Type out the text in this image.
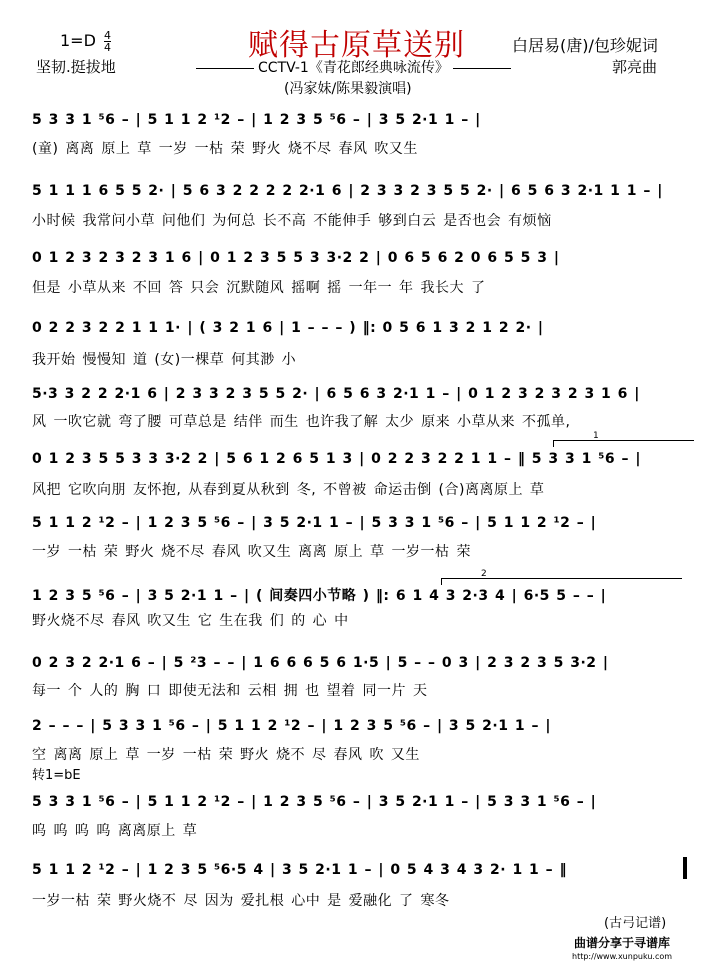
$1=D \frac{4}{4}$	赋得古原草送别	白居易(唐)/包珍妮词
坚韧.挺拔地	CCTV-1《青花郎经典咏流传》	郭亮曲
(冯家妹/陈果毅演唱)
5 3 3 1 ⁵6 – | 5 1 1 2 ¹2 – | 1 2 3 5 ⁵6 – | 3 5 2·1 1 – |
(童) 离离 原上 草 一岁 一枯 荣 野火 烧不尽 春风 吹又生
5 1 1 1 6 5 5 2· | 5 6 3 2 2 2 2 2·1 6 | 2 3 3 2 3 5 5 2· | 6 5 6 3 2·1 1 1 – |
小时候 我常问小草 问他们 为何总 长不高 不能伸手 够到白云 是否也会 有烦恼
0 1 2 3 2 3 2 3 1 6 | 0 1 2 3 5 5 3 3·2 2 | 0 6 5 6 2 0 6 5 5 3 |
但是 小草从来 不回 答 只会 沉默随风 摇啊 摇 一年一 年 我长大 了
0 2 2 3 2 2 1 1 1· | ( 3 2 1 6 | 1 – – – ) ‖: 0 5 6 1 3 2 1 2 2· |
我开始 慢慢知 道 (女)一棵草 何其渺 小
5·3 3 2 2 2·1 6 | 2 3 3 2 3 5 5 2· | 6 5 6 3 2·1 1 – | 0 1 2 3 2 3 2 3 1 6 |
风 一吹它就 弯了腰 可草总是 结伴 而生 也许我了解 太少 原来 小草从来 不孤单,
0 1 2 3 5 5 3 3 3·2 2 | 5 6 1 2 6 5 1 3 | 0 2 2 3 2 2 1 1 – ‖ 5 3 3 1 ⁵6 – |
风把 它吹向朋 友怀抱, 从春到夏从秋到 冬, 不曾被 命运击倒 (合)离离原上 草
5 1 1 2 ¹2 – | 1 2 3 5 ⁵6 – | 3 5 2·1 1 – | 5 3 3 1 ⁵6 – | 5 1 1 2 ¹2 – |
一岁 一枯 荣 野火 烧不尽 春风 吹又生 离离 原上 草 一岁一枯 荣
1 2 3 5 ⁵6 – | 3 5 2·1 1 – | ( 间奏四小节略 ) ‖: 6 1 4 3 2·3 4 | 6·5 5 – – |
野火烧不尽 春风 吹又生 它 生在我 们 的 心 中
0 2 3 2 2·1 6 – | 5 ²3 – – | 1 6 6 6 5 6 1·5 | 5 – – 0 3 | 2 3 2 3 5 3·2 |
每一 个 人的 胸 口 即使无法和 云相 拥 也 望着 同一片 天
2 – – – | 5 3 3 1 ⁵6 – | 5 1 1 2 ¹2 – | 1 2 3 5 ⁵6 – | 3 5 2·1 1 – |
空 离离 原上 草 一岁 一枯 荣 野火 烧不 尽 春风 吹 又生
5 3 3 1 ⁵6 – | 5 1 1 2 ¹2 – | 1 2 3 5 ⁵6 – | 3 5 2·1 1 – | 5 3 3 1 ⁵6 – |
呜 呜 呜 呜 离离原上 草
5 1 1 2 ¹2 – | 1 2 3 5 ⁵6·5 4 | 3 5 2·1 1 – | 0 5 4 3 4 3 2· 1 1 – ‖
一岁一枯 荣 野火烧不 尽 因为 爱扎根 心中 是 爱融化 了 寒冬
1
2
转1=bE
(古弓记谱)
曲谱分享于寻谱库
http://www.xunpuku.com
